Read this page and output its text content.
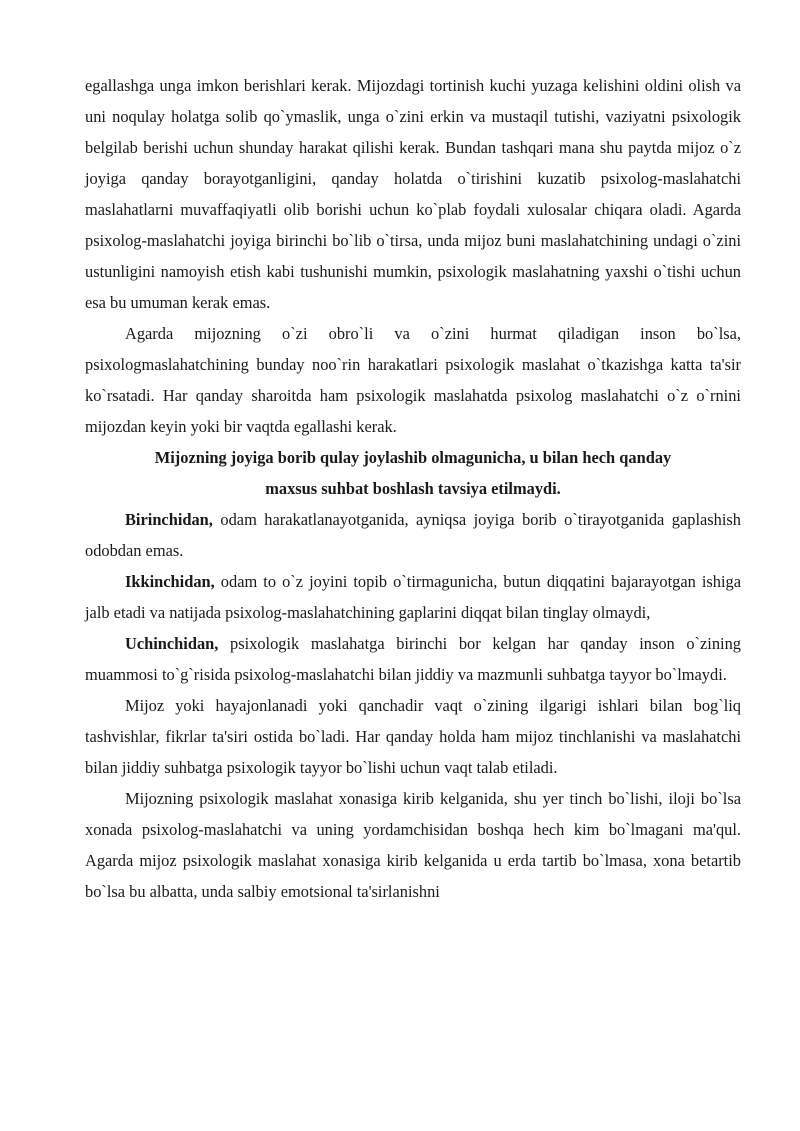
egallashga unga imkon berishlari kerak. Mijozdagi tortinish kuchi yuzaga kelishini oldini olish va uni noqulay holatga solib qo`ymaslik, unga o`zini erkin va mustaqil tutishi, vaziyatni psixologik belgilab berishi uchun shunday harakat qilishi kerak. Bundan tashqari mana shu paytda mijoz o`z joyiga qanday borayotganligini, qanday holatda o`tirishini kuzatib psixolog-maslahatchi maslahatlarni muvaffaqiyatli olib borishi uchun ko`plab foydali xulosalar chiqara oladi. Agarda psixolog-maslahatchi joyiga birinchi bo`lib o`tirsa, unda mijoz buni maslahatchining undagi o`zini ustunligini namoyish etish kabi tushunishi mumkin, psixologik maslahatning yaxshi o`tishi uchun esa bu umuman kerak emas.

Agarda mijozning o`zi obro`li va o`zini hurmat qiladigan inson bo`lsa, psixologmaslahatchining bunday noo`rin harakatlari psixologik maslahat o`tkazishga katta ta'sir ko`rsatadi. Har qanday sharoitda ham psixologik maslahatda psixolog maslahatchi o`z o`rnini mijozdan keyin yoki bir vaqtda egallashi kerak.

Mijozning joyiga borib qulay joylashib olmagunicha, u bilan hech qanday
maxsus suhbat boshlash tavsiya etilmaydi.

Birinchidan, odam harakatlanayotganida, ayniqsa joyiga borib o`tirayotganida gaplashish odobdan emas.

Ikkinchidan, odam to o`z joyini topib o`tirmagunicha, butun diqqatini bajarayotgan ishiga jalb etadi va natijada psixolog-maslahatchining gaplarini diqqat bilan tinglay olmaydi,

Uchinchidan, psixologik maslahatga birinchi bor kelgan har qanday inson o`zining muammosi to`g`risida psixolog-maslahatchi bilan jiddiy va mazmunli suhbatga tayyor bo`lmaydi.

Mijoz yoki hayajonlanadi yoki qanchadir vaqt o`zining ilgarigi ishlari bilan bog`liq tashvishlar, fikrlar ta'siri ostida bo`ladi. Har qanday holda ham mijoz tinchlanishi va maslahatchi bilan jiddiy suhbatga psixologik tayyor bo`lishi uchun vaqt talab etiladi.

Mijozning psixologik maslahat xonasiga kirib kelganida, shu yer tinch bo`lishi, iloji bo`lsa xonada psixolog-maslahatchi va uning yordamchisidan boshqa hech kim bo`lmagani ma'qul. Agarda mijoz psixologik maslahat xonasiga kirib kelganida u erda tartib bo`lmasa, xona betartib bo`lsa bu albatta, unda salbiy emotsional ta'sirlanishni
